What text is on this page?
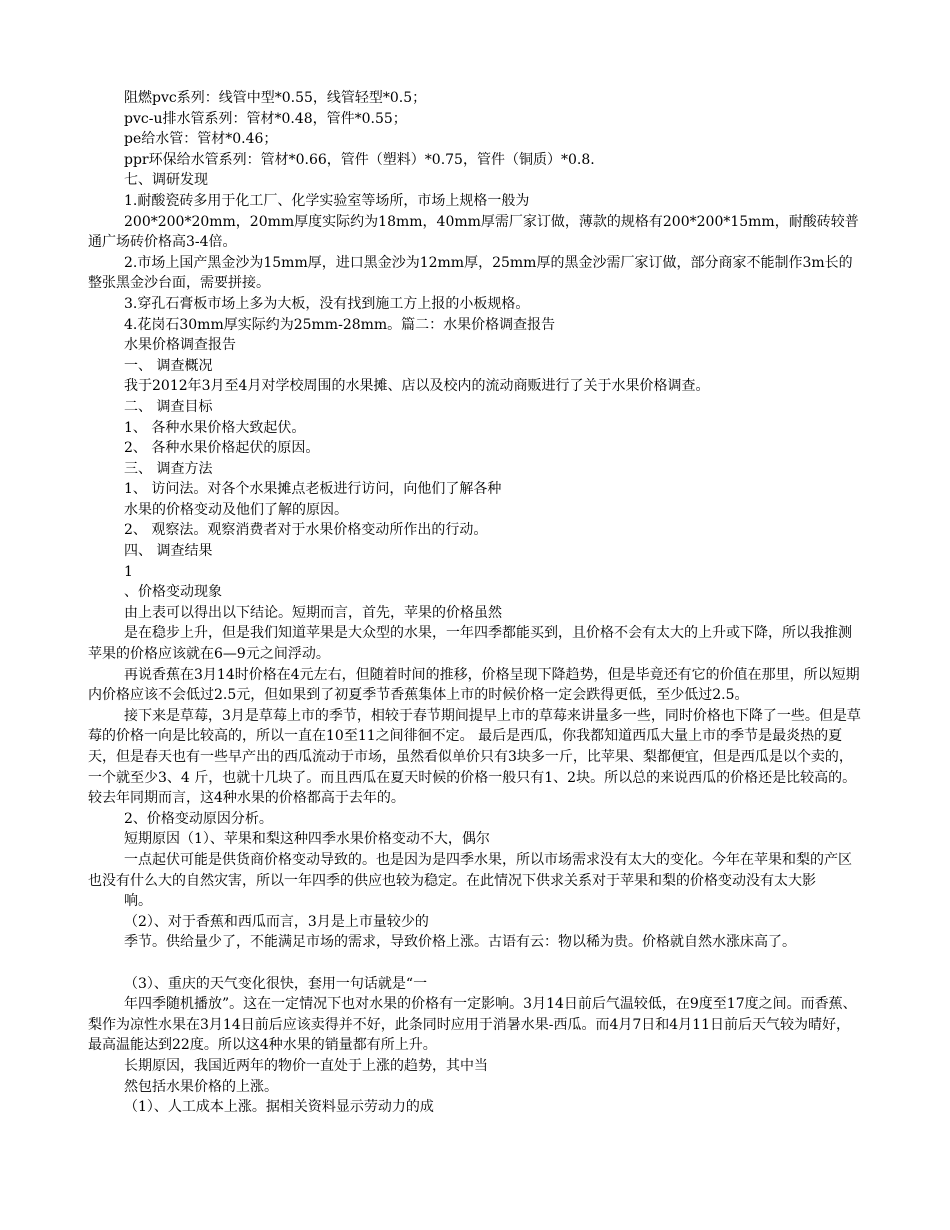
阻燃pvc系列：线管中型*0.55，线管轻型*0.5；

pvc-u排水管系列：管材*0.48，管件*0.55；

pe给水管：管材*0.46；

ppr环保给水管系列：管材*0.66，管件（塑料）*0.75，管件（铜质）*0.8.

七、调研发现

1.耐酸瓷砖多用于化工厂、化学实验室等场所，市场上规格一般为

200*200*20mm，20mm厚度实际约为18mm，40mm厚需厂家订做，薄款的规格有200*200*15mm，耐酸砖较普通广场砖价格高3-4倍。

2.市场上国产黑金沙为15mm厚，进口黑金沙为12mm厚，25mm厚的黑金沙需厂家订做，部分商家不能制作3m长的整张黑金沙台面，需要拼接。

3.穿孔石膏板市场上多为大板，没有找到施工方上报的小板规格。

4.花岗石30mm厚实际约为25mm-28mm。篇二：水果价格调查报告

水果价格调查报告

一、 调查概况

我于2012年3月至4月对学校周围的水果摊、店以及校内的流动商贩进行了关于水果价格调查。

二、 调查目标

1、 各种水果价格大致起伏。

2、 各种水果价格起伏的原因。

三、 调查方法

1、 访问法。对各个水果摊点老板进行访问，向他们了解各种

水果的价格变动及他们了解的原因。

2、 观察法。观察消费者对于水果价格变动所作出的行动。

四、 调查结果

1

、价格变动现象

由上表可以得出以下结论。短期而言，首先，苹果的价格虽然

是在稳步上升，但是我们知道苹果是大众型的水果，一年四季都能买到，且价格不会有太大的上升或下降，所以我推测苹果的价格应该就在6—9元之间浮动。

再说香蕉在3月14时价格在4元左右，但随着时间的推移，价格呈现下降趋势，但是毕竟还有它的价值在那里，所以短期内价格应该不会低过2.5元，但如果到了初夏季节香蕉集体上市的时候价格一定会跌得更低，至少低过2.5。

接下来是草莓，3月是草莓上市的季节，相较于春节期间提早上市的草莓来讲量多一些，同时价格也下降了一些。但是草莓的价格一向是比较高的，所以一直在10至11之间徘徊不定。 最后是西瓜，你我都知道西瓜大量上市的季节是最炎热的夏天，但是春天也有一些早产出的西瓜流动于市场，虽然看似单价只有3块多一斤，比苹果、梨都便宜，但是西瓜是以个卖的，一个就至少3、4 斤，也就十几块了。而且西瓜在夏天时候的价格一般只有1、2块。所以总的来说西瓜的价格还是比较高的。 较去年同期而言，这4种水果的价格都高于去年的。

2、价格变动原因分析。

短期原因（1）、苹果和梨这种四季水果价格变动不大，偶尔

一点起伏可能是供货商价格变动导致的。也是因为是四季水果，所以市场需求没有太大的变化。今年在苹果和梨的产区也没有什么大的自然灾害，所以一年四季的供应也较为稳定。在此情况下供求关系对于苹果和梨的价格变动没有太大影

响。

（2）、对于香蕉和西瓜而言，3月是上市量较少的

季节。供给量少了，不能满足市场的需求，导致价格上涨。古语有云：物以稀为贵。价格就自然水涨床高了。

（3）、重庆的天气变化很快，套用一句话就是“一

年四季随机播放”。这在一定情况下也对水果的价格有一定影响。3月14日前后气温较低，在9度至17度之间。而香蕉、梨作为凉性水果在3月14日前后应该卖得并不好，此条同时应用于消暑水果-西瓜。而4月7日和4月11日前后天气较为晴好，最高温能达到22度。所以这4种水果的销量都有所上升。

长期原因，我国近两年的物价一直处于上涨的趋势，其中当

然包括水果价格的上涨。

（1）、人工成本上涨。据相关资料显示劳动力的成
